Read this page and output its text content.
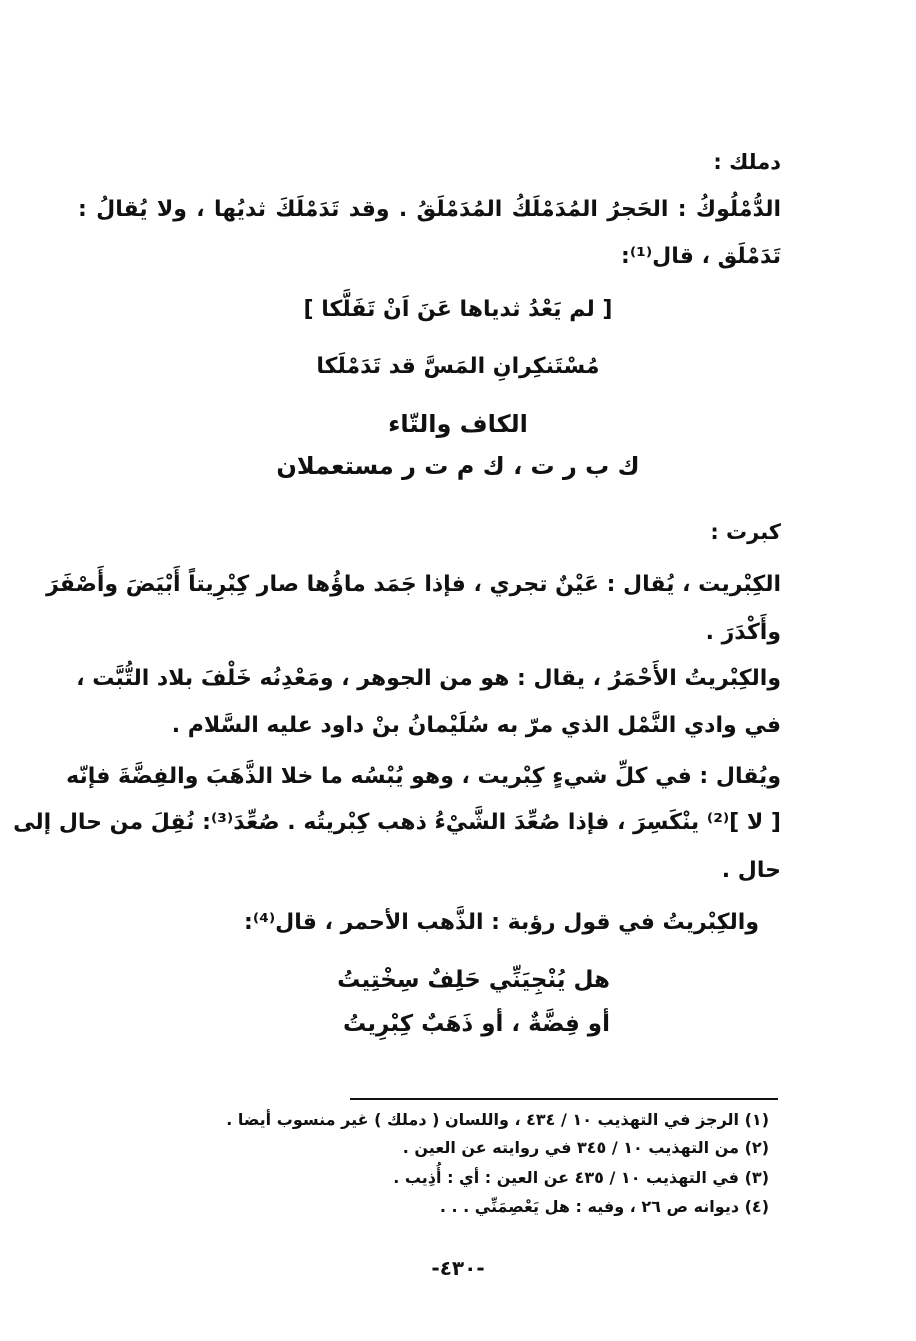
دملك :
الدُّمْلُوكُ : الحَجرُ المُدَمْلَكُ المُدَمْلَقُ . وقد تَدَمْلَكَ ثديُها ، ولا يُقالُ :
تَدَمْلَق ، قال⁽¹⁾:
[ لم يَعْدُ ثدياها عَنَ اَنْ تَفَلَّكا ]
مُسْتَنكِرانِ المَسَّ قد تَدَمْلَكا
الكاف والتّاء
ك ب ر ت ، ك م ت ر مستعملان
كبرت :
الكِبْريت ، يُقال : عَيْنٌ تجري ، فإذا جَمَد ماؤُها صار كِبْرِيتاً أَبْيَضَ وأَصْفَرَ
وأَكْدَرَ .
والكِبْريتُ الأَحْمَرُ ، يقال : هو من الجوهر ، ومَعْدِنُه خَلْفَ بلاد التُّبَّت ،
في وادي النَّمْل الذي مرّ به سُلَيْمانُ بنْ داود عليه السَّلام .
ويُقال : في كلِّ شيءٍ كِبْريت ، وهو يُبْسُه ما خلا الذَّهَبَ والفِضَّةَ فإنّه
[ لا ]⁽²⁾ ينْكَسِرَ ، فإذا صُعِّدَ الشَّيْءُ ذهب كِبْريتُه . صُعِّدَ⁽³⁾: نُقِلَ من حال إلى
حال .
والكِبْريتُ في قول رؤبة : الذَّهب الأحمر ، قال⁽⁴⁾:
هل يُنْجِيَنِّي حَلِفٌ سِخْتِيتُ
أو فِضَّةٌ ، أو ذَهَبٌ كِبْرِيتُ
(١) الرجز في التهذيب ١٠ / ٤٣٤ ، واللسان ( دملك ) غير منسوب أيضا .
(٢) من التهذيب ١٠ / ٣٤٥ في روايته عن العين .
(٣) في التهذيب ١٠ / ٤٣٥ عن العين : أي : أُذِيب .
(٤) ديوانه ص ٢٦ ، وفيه : هل يَعْصِمَنِّي . . .
-٤٣٠-
